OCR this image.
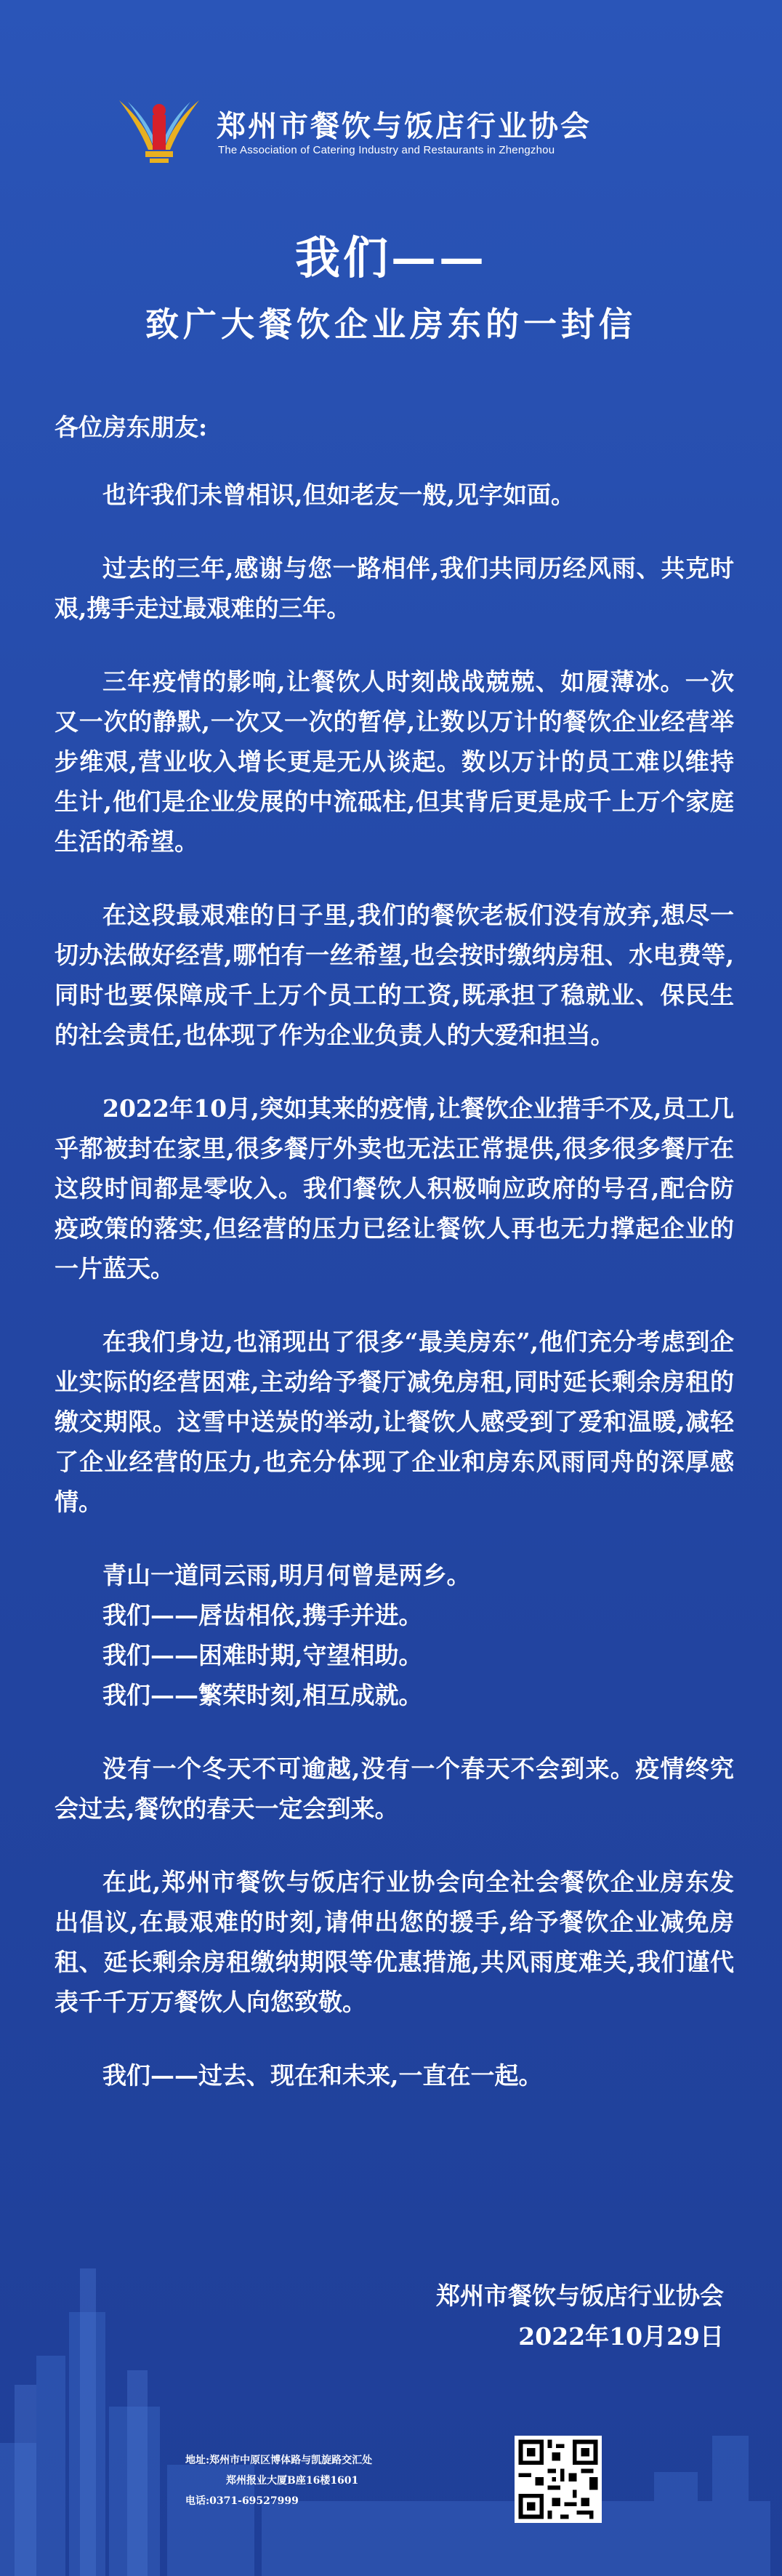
郑州市餐饮与饭店行业协会
The Association of Catering Industry and Restaurants in Zhengzhou
我们——
致广大餐饮企业房东的一封信

各位房东朋友:

也许我们未曾相识,但如老友一般,见字如面。

过去的三年,感谢与您一路相伴,我们共同历经风雨、共克时艰,携手走过最艰难的三年。

三年疫情的影响,让餐饮人时刻战战兢兢、如履薄冰。一次又一次的静默,一次又一次的暂停,让数以万计的餐饮企业经营举步维艰,营业收入增长更是无从谈起。数以万计的员工难以维持生计,他们是企业发展的中流砥柱,但其背后更是成千上万个家庭生活的希望。

在这段最艰难的日子里,我们的餐饮老板们没有放弃,想尽一切办法做好经营,哪怕有一丝希望,也会按时缴纳房租、水电费等,同时也要保障成千上万个员工的工资,既承担了稳就业、保民生的社会责任,也体现了作为企业负责人的大爱和担当。

2022年10月,突如其来的疫情,让餐饮企业措手不及,员工几乎都被封在家里,很多餐厅外卖也无法正常提供,很多很多餐厅在这段时间都是零收入。我们餐饮人积极响应政府的号召,配合防疫政策的落实,但经营的压力已经让餐饮人再也无力撑起企业的一片蓝天。

在我们身边,也涌现出了很多“最美房东”,他们充分考虑到企业实际的经营困难,主动给予餐厅减免房租,同时延长剩余房租的缴交期限。这雪中送炭的举动,让餐饮人感受到了爱和温暖,减轻了企业经营的压力,也充分体现了企业和房东风雨同舟的深厚感情。

青山一道同云雨,明月何曾是两乡。
我们——唇齿相依,携手并进。
我们——困难时期,守望相助。
我们——繁荣时刻,相互成就。

没有一个冬天不可逾越,没有一个春天不会到来。疫情终究会过去,餐饮的春天一定会到来。

在此,郑州市餐饮与饭店行业协会向全社会餐饮企业房东发出倡议,在最艰难的时刻,请伸出您的援手,给予餐饮企业减免房租、延长剩余房租缴纳期限等优惠措施,共风雨度难关,我们谨代表千千万万餐饮人向您致敬。

我们——过去、现在和未来,一直在一起。

郑州市餐饮与饭店行业协会
2022年10月29日
地址:郑州市中原区博体路与凯旋路交汇处
郑州报业大厦B座16楼1601
电话:0371-69527999
